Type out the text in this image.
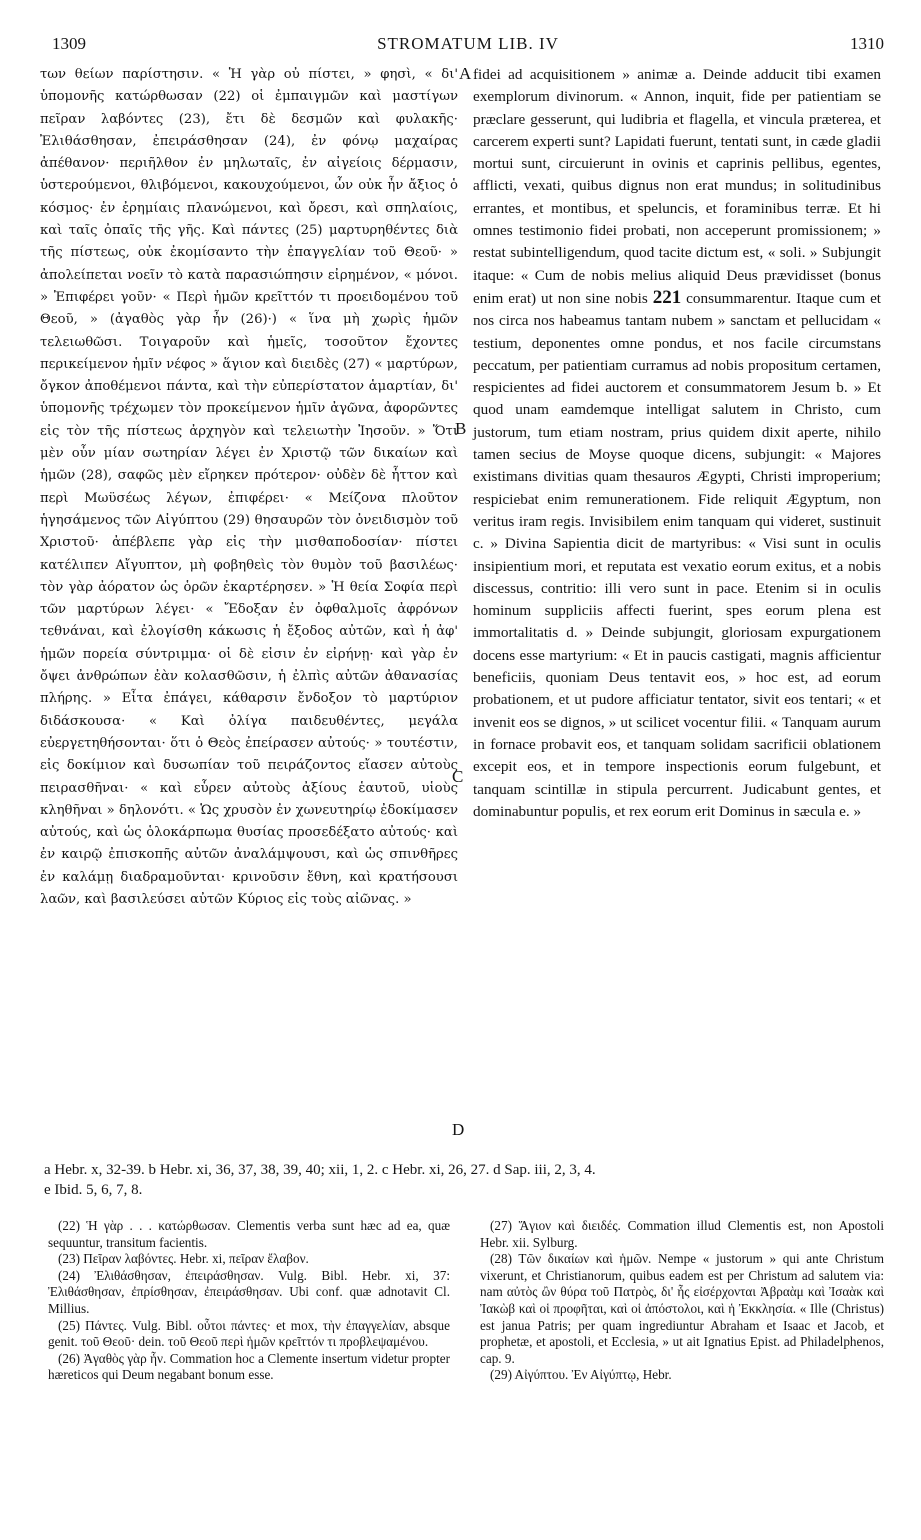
1309	STROMATUM LIB. IV	1310

των θείων παρίστησιν. « Ἡ γὰρ οὐ πίστει, » φησὶ, « δι' ὑπομονῆς κατώρθωσαν (22) οἱ ἐμπαιγμῶν καὶ μαστίγων πεῖραν λαβόντες (23), ἔτι δὲ δεσμῶν καὶ φυλακῆς· Ἐλιθάσθησαν, ἐπειράσθησαν (24), ἐν φόνῳ μαχαίρας ἀπέθανον· περιῆλθον ἐν μηλωταῖς, ἐν αἰγείοις δέρμασιν, ὑστερούμενοι, θλιβόμενοι, κακουχούμενοι, ὧν οὐκ ἦν ἄξιος ὁ κόσμος· ἐν ἐρημίαις πλανώμενοι, καὶ ὄρεσι, καὶ σπηλαίοις, καὶ ταῖς ὀπαῖς τῆς γῆς. Καὶ πάντες (25) μαρτυρηθέντες διὰ τῆς πίστεως, οὐκ ἐκομίσαντο τὴν ἐπαγγελίαν τοῦ Θεοῦ· » ἀπολείπεται νοεῖν τὸ κατὰ παρασιώπησιν εἰρημένον, « μόνοι. » Ἐπιφέρει γοῦν· « Περὶ ἡμῶν κρεῖττόν τι προειδομένου τοῦ Θεοῦ, » (ἀγαθὸς γὰρ ἦν (26)·) « ἵνα μὴ χωρὶς ἡμῶν τελειωθῶσι. Τοιγαροῦν καὶ ἡμεῖς, τοσοῦτον ἔχοντες περικείμενον ἡμῖν νέφος » ἅγιον καὶ διειδὲς (27) « μαρτύρων, ὄγκον ἀποθέμενοι πάντα, καὶ τὴν εὐπερίστατον ἁμαρτίαν, δι' ὑπομονῆς τρέχωμεν τὸν προκείμενον ἡμῖν ἀγῶνα, ἀφορῶντες εἰς τὸν τῆς πίστεως ἀρχηγὸν καὶ τελειωτὴν Ἰησοῦν. » Ὅτι μὲν οὖν μίαν σωτηρίαν λέγει ἐν Χριστῷ τῶν δικαίων καὶ ἡμῶν (28), σαφῶς μὲν εἴρηκεν πρότερον· οὐδὲν δὲ ἧττον καὶ περὶ Μωϋσέως λέγων, ἐπιφέρει· « Μείζονα πλοῦτον ἡγησάμενος τῶν Αἰγύπτου (29) θησαυρῶν τὸν ὀνειδισμὸν τοῦ Χριστοῦ· ἀπέβλεπε γὰρ εἰς τὴν μισθαποδοσίαν· πίστει κατέλιπεν Αἴγυπτον, μὴ φοβηθεὶς τὸν θυμὸν τοῦ βασιλέως· τὸν γὰρ ἀόρατον ὡς ὁρῶν ἐκαρτέρησεν. » Ἡ θεία Σοφία περὶ τῶν μαρτύρων λέγει· « Ἔδοξαν ἐν ὀφθαλμοῖς ἀφρόνων τεθνάναι, καὶ ἐλογίσθη κάκωσις ἡ ἔξοδος αὐτῶν, καὶ ἡ ἀφ' ἡμῶν πορεία σύντριμμα· οἱ δὲ εἰσιν ἐν εἰρήνῃ· καὶ γὰρ ἐν ὄψει ἀνθρώπων ἐὰν κολασθῶσιν, ἡ ἐλπὶς αὐτῶν ἀθανασίας πλήρης. » Εἶτα ἐπάγει, κάθαρσιν ἔνδοξον τὸ μαρτύριον διδάσκουσα· « Καὶ ὀλίγα παιδευθέντες, μεγάλα εὐεργετηθήσονται· ὅτι ὁ Θεὸς ἐπείρασεν αὐτούς· » τουτέστιν, εἰς δοκίμιον καὶ δυσωπίαν τοῦ πειράζοντος εἴασεν αὐτοὺς πειρασθῆναι· « καὶ εὗρεν αὐτοὺς ἀξίους ἑαυτοῦ, υἱοὺς κληθῆναι » δηλονότι. « Ὡς χρυσὸν ἐν χωνευτηρίῳ ἐδοκίμασεν αὐτούς, καὶ ὡς ὁλοκάρπωμα θυσίας προσεδέξατο αὐτούς· καὶ ἐν καιρῷ ἐπισκοπῆς αὐτῶν ἀναλάμψουσι, καὶ ὡς σπινθῆρες ἐν καλάμῃ διαδραμοῦνται· κρινοῦσιν ἔθνη, καὶ κρατήσουσι λαῶν, καὶ βασιλεύσει αὐτῶν Κύριος εἰς τοὺς αἰῶνας. »

fidei ad acquisitionem » animæ a. Deinde adducit tibi examen exemplorum divinorum. « Annon, inquit, fide per patientiam se præclare gesserunt, qui ludibria et flagella, et vincula præterea, et carcerem experti sunt? Lapidati fuerunt, tentati sunt, in cæde gladii mortui sunt, circuierunt in ovinis et caprinis pellibus, egentes, afflicti, vexati, quibus dignus non erat mundus; in solitudinibus errantes, et montibus, et speluncis, et foraminibus terræ. Et hi omnes testimonio fidei probati, non acceperunt promissionem; » restat subintelligendum, quod tacite dictum est, « soli. » Subjungit itaque: « Cum de nobis melius aliquid Deus prævidisset (bonus enim erat) ut non sine nobis 221 consummarentur. Itaque cum et nos circa nos habeamus tantam nubem » sanctam et pellucidam « testium, deponentes omne pondus, et nos facile circumstans peccatum, per patientiam curramus ad nobis propositum certamen, respicientes ad fidei auctorem et consummatorem Jesum b. » Et quod unam eamdemque intelligat salutem in Christo, cum justorum, tum etiam nostram, prius quidem dixit aperte, nihilo tamen secius de Moyse quoque dicens, subjungit: « Majores existimans divitias quam thesauros Ægypti, Christi improperium; respiciebat enim remunerationem. Fide reliquit Ægyptum, non veritus iram regis. Invisibilem enim tanquam qui videret, sustinuit c. » Divina Sapientia dicit de martyribus: « Visi sunt in oculis insipientium mori, et reputata est vexatio eorum exitus, et a nobis discessus, contritio: illi vero sunt in pace. Etenim si in oculis hominum suppliciis affecti fuerint, spes eorum plena est immortalitatis d. » Deinde subjungit, gloriosam expurgationem docens esse martyrium: « Et in paucis castigati, magnis afficientur beneficiis, quoniam Deus tentavit eos, » hoc est, ad eorum probationem, et ut pudore afficiatur tentator, sivit eos tentari; « et invenit eos se dignos, » ut scilicet vocentur filii. « Tanquam aurum in fornace probavit eos, et tanquam solidam sacrificii oblationem excepit eos, et in tempore inspectionis eorum fulgebunt, et tanquam scintillæ in stipula percurrent. Judicabunt gentes, et dominabuntur populis, et rex eorum erit Dominus in sæcula e. »

A
B
C
D
a Hebr. x, 32-39. b Hebr. xi, 36, 37, 38, 39, 40; xii, 1, 2. c Hebr. xi, 26, 27. d Sap. iii, 2, 3, 4.
e Ibid. 5, 6, 7, 8.

(22) Ἡ γὰρ . . . κατώρθωσαν. Clementis verba sunt hæc ad ea, quæ sequuntur, transitum facientis.

(23) Πεῖραν λαβόντες. Hebr. xi, πεῖραν ἔλαβον.

(24) Ἐλιθάσθησαν, ἐπειράσθησαν. Vulg. Bibl. Hebr. xi, 37: Ἐλιθάσθησαν, ἐπρίσθησαν, ἐπειράσθησαν. Ubi conf. quæ adnotavit Cl. Millius.

(25) Πάντες. Vulg. Bibl. οὗτοι πάντες· et mox, τὴν ἐπαγγελίαν, absque genit. τοῦ Θεοῦ· dein. τοῦ Θεοῦ περὶ ἡμῶν κρεῖττόν τι προβλεψαμένου.

(26) Ἀγαθὸς γὰρ ἦν. Commation hoc a Clemente insertum videtur propter hæreticos qui Deum negabant bonum esse.

(27) Ἅγιον καὶ διειδές. Commation illud Clementis est, non Apostoli Hebr. xii. Sylburg.

(28) Τῶν δικαίων καὶ ἡμῶν. Nempe « justorum » qui ante Christum vixerunt, et Christianorum, quibus eadem est per Christum ad salutem via: nam αὐτὸς ὢν θύρα τοῦ Πατρὸς, δι' ἧς εἰσέρχονται Ἀβραὰμ καὶ Ἰσαὰκ καὶ Ἰακὼβ καὶ οἱ προφῆται, καὶ οἱ ἀπόστολοι, καὶ ἡ Ἐκκλησία. « Ille (Christus) est janua Patris; per quam ingrediuntur Abraham et Isaac et Jacob, et prophetæ, et apostoli, et Ecclesia, » ut ait Ignatius Epist. ad Philadelphenos, cap. 9.

(29) Αἰγύπτου. Ἐν Αἰγύπτῳ, Hebr.
